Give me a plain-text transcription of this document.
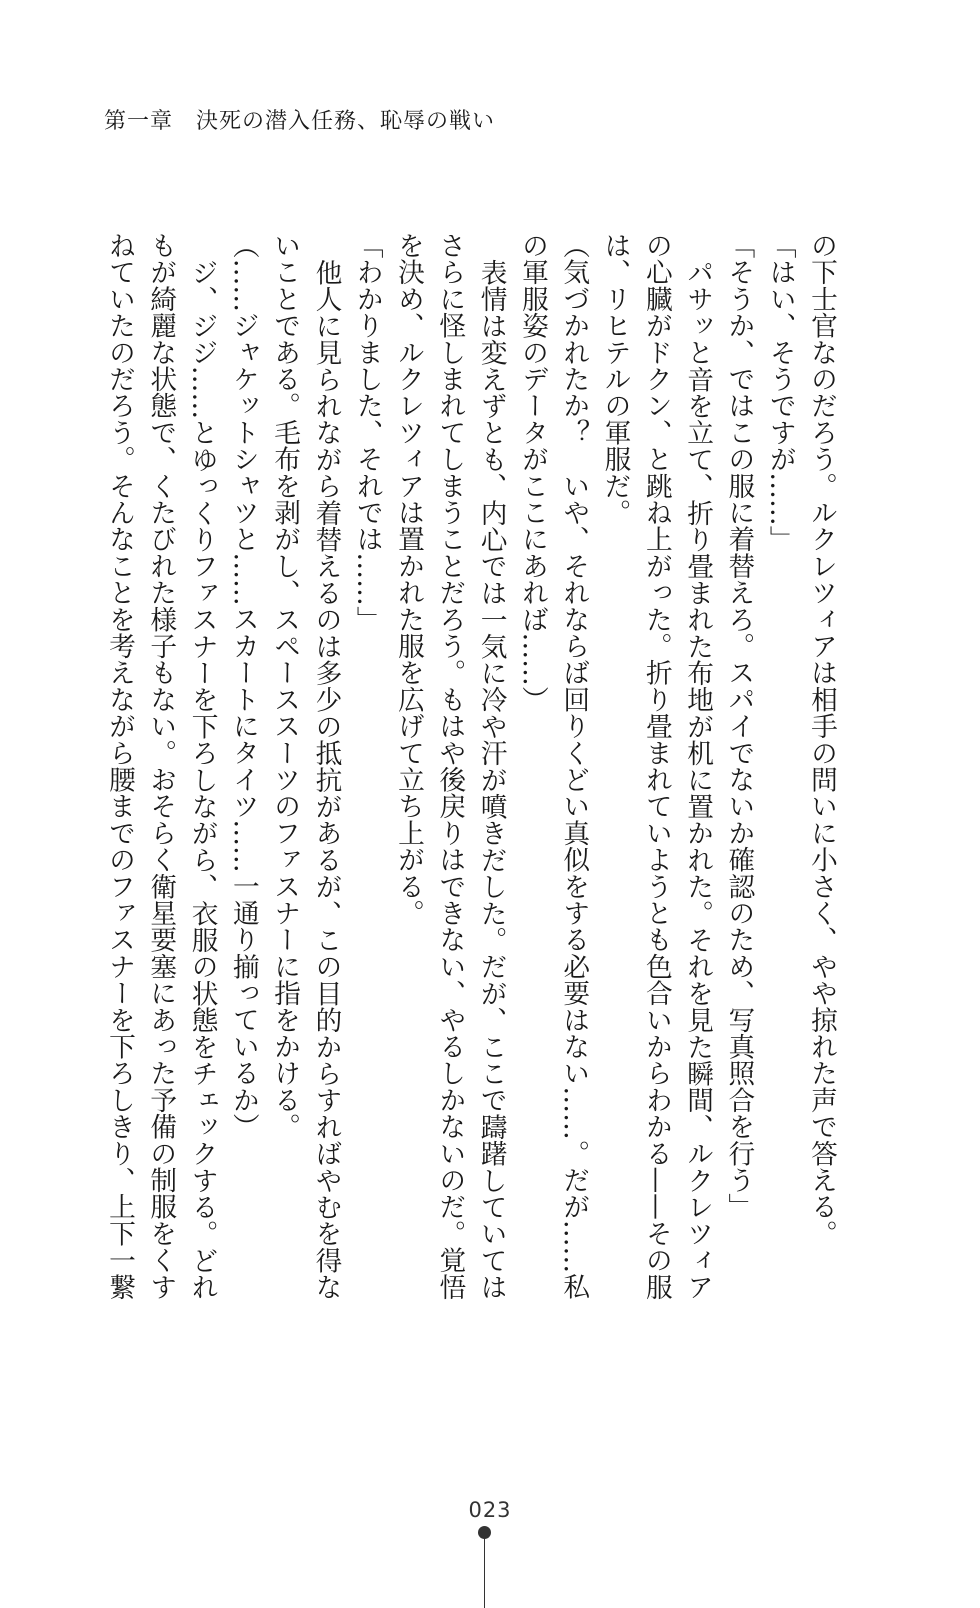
第一章　決死の潜入任務、恥辱の戦い
の下士官なのだろう。ルクレツィアは相手の問いに小さく、やや掠れた声で答える。
「はい、そうですが……」
「そうか、ではこの服に着替えろ。スパイでないか確認のため、写真照合を行う」
パサッと音を立て、折り畳まれた布地が机に置かれた。それを見た瞬間、ルクレツィア
の心臓がドクン、と跳ね上がった。折り畳まれていようとも色合いからわかる——その服
は、リヒテルの軍服だ。
（気づかれたか？　いや、それならば回りくどい真似をする必要はない……。だが……私
の軍服姿のデータがここにあれば……）
表情は変えずとも、内心では一気に冷や汗が噴きだした。だが、ここで躊躇していては
さらに怪しまれてしまうことだろう。もはや後戻りはできない、やるしかないのだ。覚悟
を決め、ルクレツィアは置かれた服を広げて立ち上がる。
「わかりました、それでは……」
他人に見られながら着替えるのは多少の抵抗があるが、この目的からすればやむを得な
いことである。毛布を剥がし、スペーススーツのファスナーに指をかける。
（……ジャケットシャツと……スカートにタイツ……一通り揃っているか）
ジ、ジジ……とゆっくりファスナーを下ろしながら、衣服の状態をチェックする。どれ
もが綺麗な状態で、くたびれた様子もない。おそらく衛星要塞にあった予備の制服をくす
ねていたのだろう。そんなことを考えながら腰までのファスナーを下ろしきり、上下一繋
023
